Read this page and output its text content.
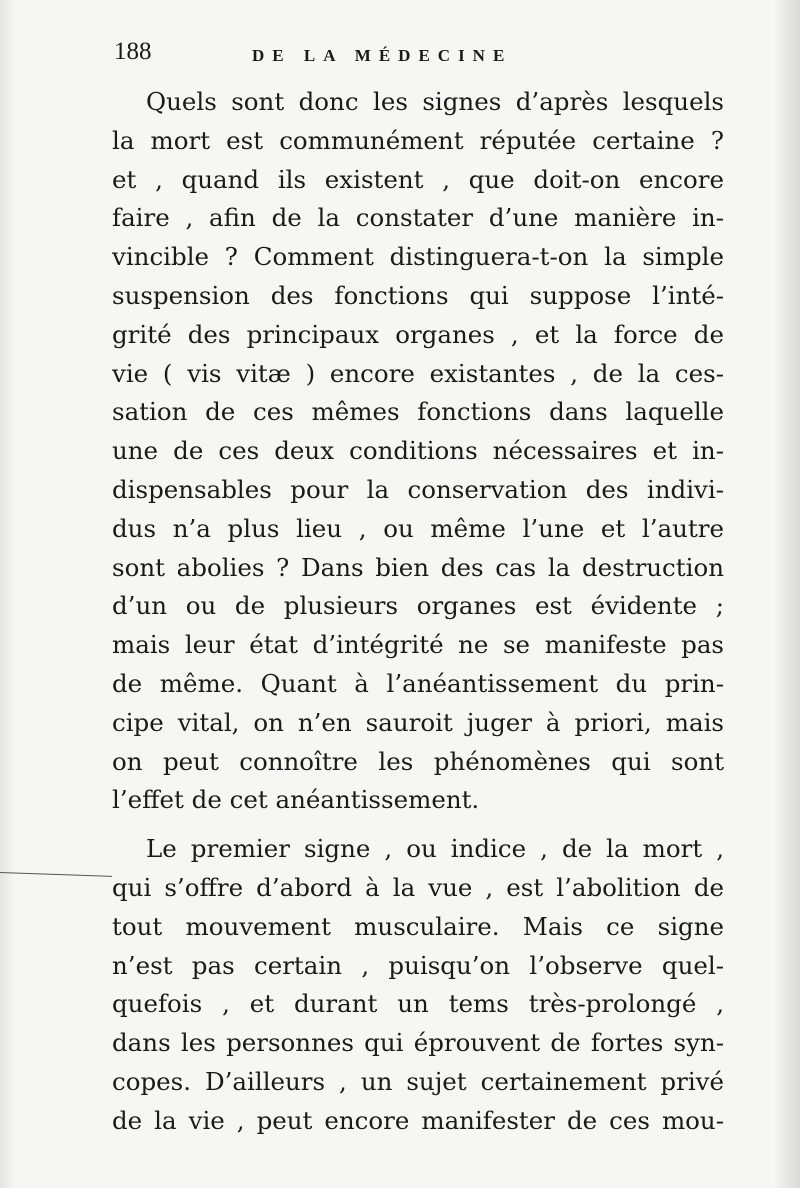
188	DE LA MÉDECINE
Quels sont donc les signes d’après lesquels
la mort est communément réputée certaine ?
et , quand ils existent , que doit-on encore
faire , afin de la constater d’une manière in-
vincible ? Comment distinguera-t-on la simple
suspension des fonctions qui suppose l’inté-
grité des principaux organes , et la force de
vie ( vis vitæ ) encore existantes , de la ces-
sation de ces mêmes fonctions dans laquelle
une de ces deux conditions nécessaires et in-
dispensables pour la conservation des indivi-
dus n’a plus lieu , ou même l’une et l’autre
sont abolies ? Dans bien des cas la destruction
d’un ou de plusieurs organes est évidente ;
mais leur état d’intégrité ne se manifeste pas
de même. Quant à l’anéantissement du prin-
cipe vital, on n’en sauroit juger à priori, mais
on peut connoître les phénomènes qui sont
l’effet de cet anéantissement.
Le premier signe , ou indice , de la mort ,
qui s’offre d’abord à la vue , est l’abolition de
tout mouvement musculaire. Mais ce signe
n’est pas certain , puisqu’on l’observe quel-
quefois , et durant un tems très-prolongé ,
dans les personnes qui éprouvent de fortes syn-
copes. D’ailleurs , un sujet certainement privé
de la vie , peut encore manifester de ces mou-
